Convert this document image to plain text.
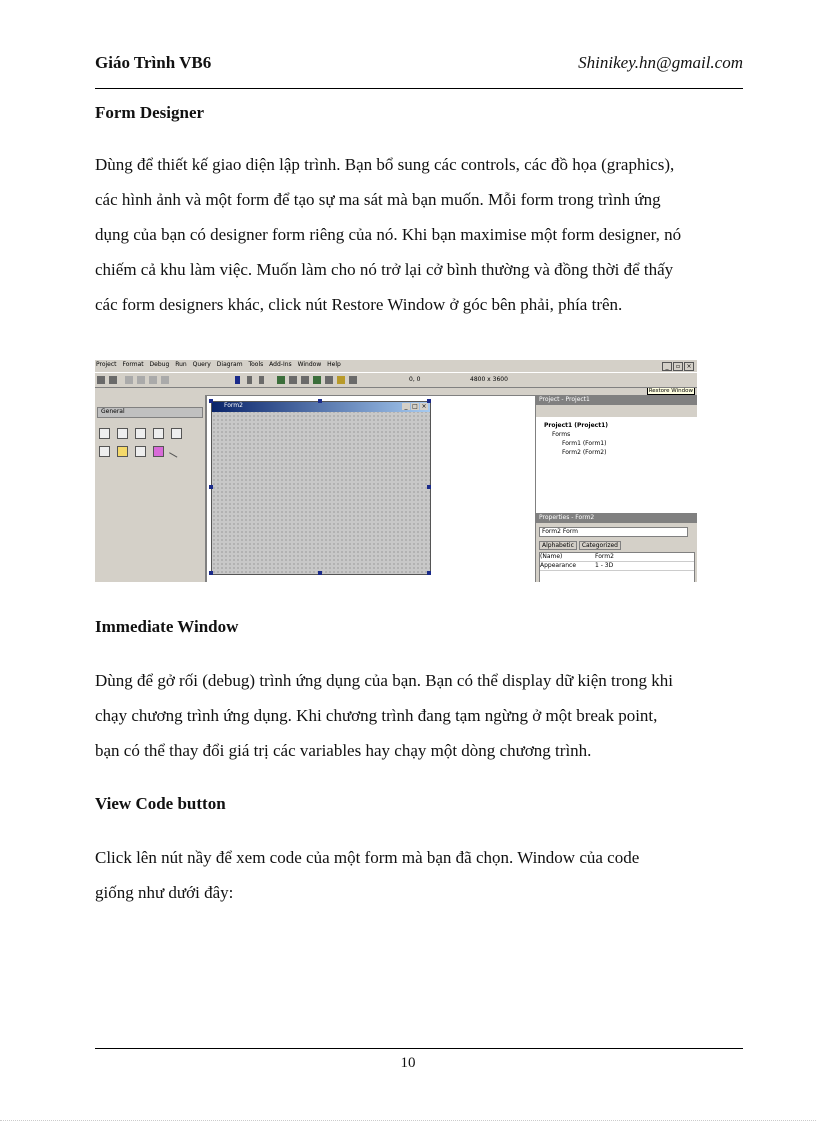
Giáo Trình VB6	Shinikey.hn@gmail.com
Form Designer
Dùng để thiết kế giao diện lập trình. Bạn bổ sung các controls, các đồ họa (graphics),
các hình ảnh và một form để tạo sự ma sát mà bạn muốn. Mỗi form trong trình ứng
dụng của bạn có designer form riêng của nó. Khi bạn maximise một form designer, nó
chiếm cả khu làm việc. Muốn làm cho nó trở lại cở bình thường và đồng thời để thấy
các form designers khác, click nút Restore Window ở góc bên phải, phía trên.
Project Format Debug Run Query Diagram Tools Add-Ins Window Help	_ ▫ ×
Restore Window
0, 0	4800 x 3600
General
Form2	_ □ ×
Project - Project1
Project1 (Project1)
Forms
Form1 (Form1)
Form2 (Form2)
Properties - Form2
Form2 Form
Alphabetic Categorized
(Name)	Form2
Appearance	1 - 3D
Immediate Window
Dùng để gở rối (debug) trình ứng dụng của bạn. Bạn có thể display dữ kiện trong khi
chạy chương trình ứng dụng. Khi chương trình đang tạm ngừng ở một break point,
bạn có thể thay đổi giá trị các variables hay chạy một dòng chương trình.
View Code button
Click lên nút nầy để xem code của một form mà bạn đã chọn. Window của code
giống như dưới đây:
10
